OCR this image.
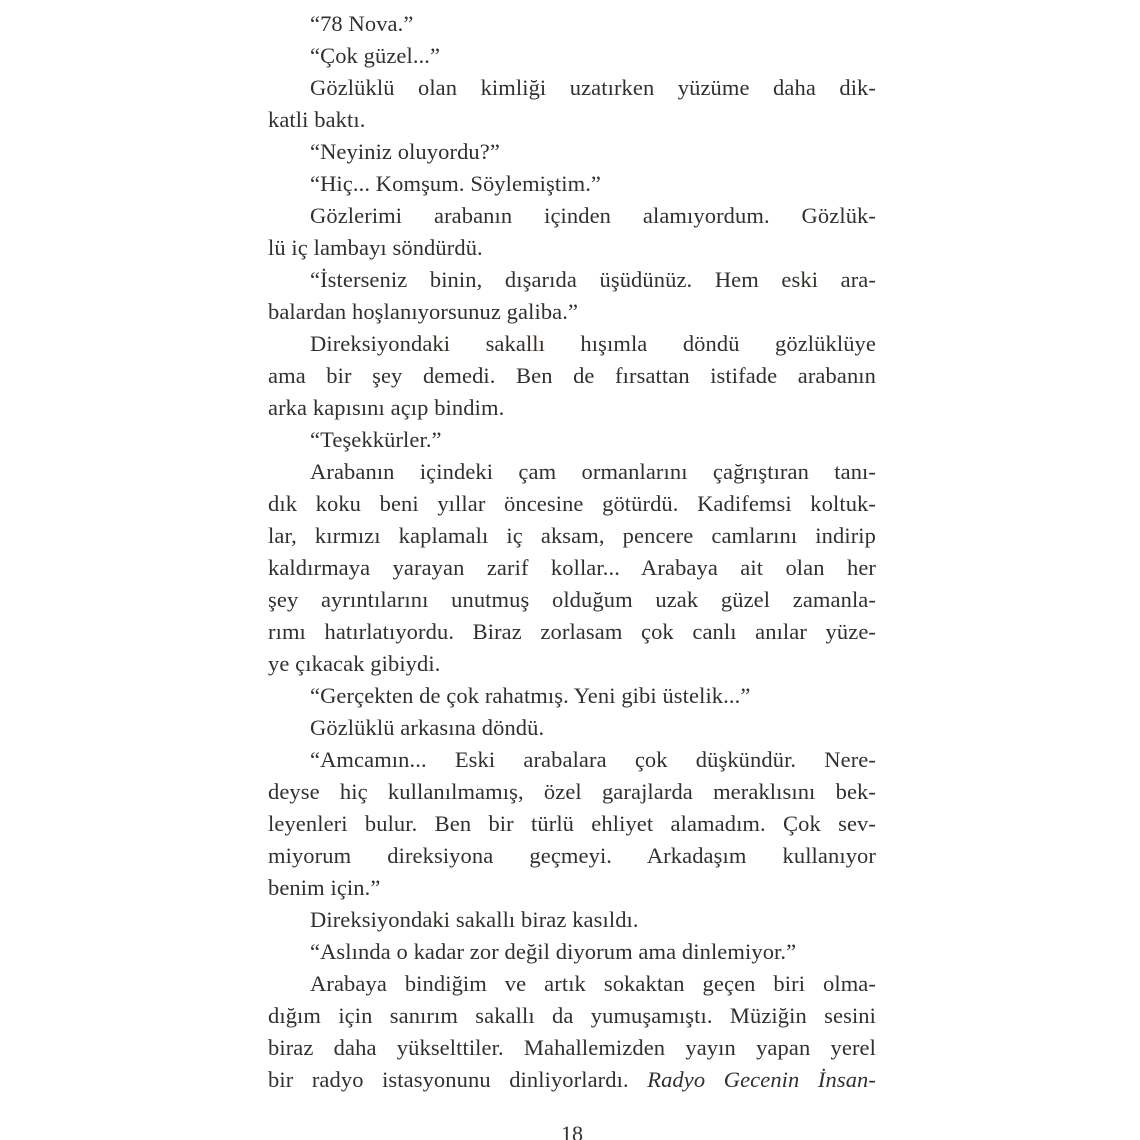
“78 Nova.”
“Çok güzel...”
Gözlüklü olan kimliği uzatırken yüzüme daha dik-
katli baktı.
“Neyiniz oluyordu?”
“Hiç... Komşum. Söylemiştim.”
Gözlerimi arabanın içinden alamıyordum. Gözlük-
lü iç lambayı söndürdü.
“İsterseniz binin, dışarıda üşüdünüz. Hem eski ara-
balardan hoşlanıyorsunuz galiba.”
Direksiyondaki sakallı hışımla döndü gözlüklüye
ama bir şey demedi. Ben de fırsattan istifade arabanın
arka kapısını açıp bindim.
“Teşekkürler.”
Arabanın içindeki çam ormanlarını çağrıştıran tanı-
dık koku beni yıllar öncesine götürdü. Kadifemsi koltuk-
lar, kırmızı kaplamalı iç aksam, pencere camlarını indirip
kaldırmaya yarayan zarif kollar... Arabaya ait olan her
şey ayrıntılarını unutmuş olduğum uzak güzel zamanla-
rımı hatırlatıyordu. Biraz zorlasam çok canlı anılar yüze-
ye çıkacak gibiydi.
“Gerçekten de çok rahatmış. Yeni gibi üstelik...”
Gözlüklü arkasına döndü.
“Amcamın... Eski arabalara çok düşkündür. Nere-
deyse hiç kullanılmamış, özel garajlarda meraklısını bek-
leyenleri bulur. Ben bir türlü ehliyet alamadım. Çok sev-
miyorum direksiyona geçmeyi. Arkadaşım kullanıyor
benim için.”
Direksiyondaki sakallı biraz kasıldı.
“Aslında o kadar zor değil diyorum ama dinlemiyor.”
Arabaya bindiğim ve artık sokaktan geçen biri olma-
dığım için sanırım sakallı da yumuşamıştı. Müziğin sesini
biraz daha yükselttiler. Mahallemizden yayın yapan yerel
bir radyo istasyonunu dinliyorlardı. Radyo Gecenin İnsan-
18
